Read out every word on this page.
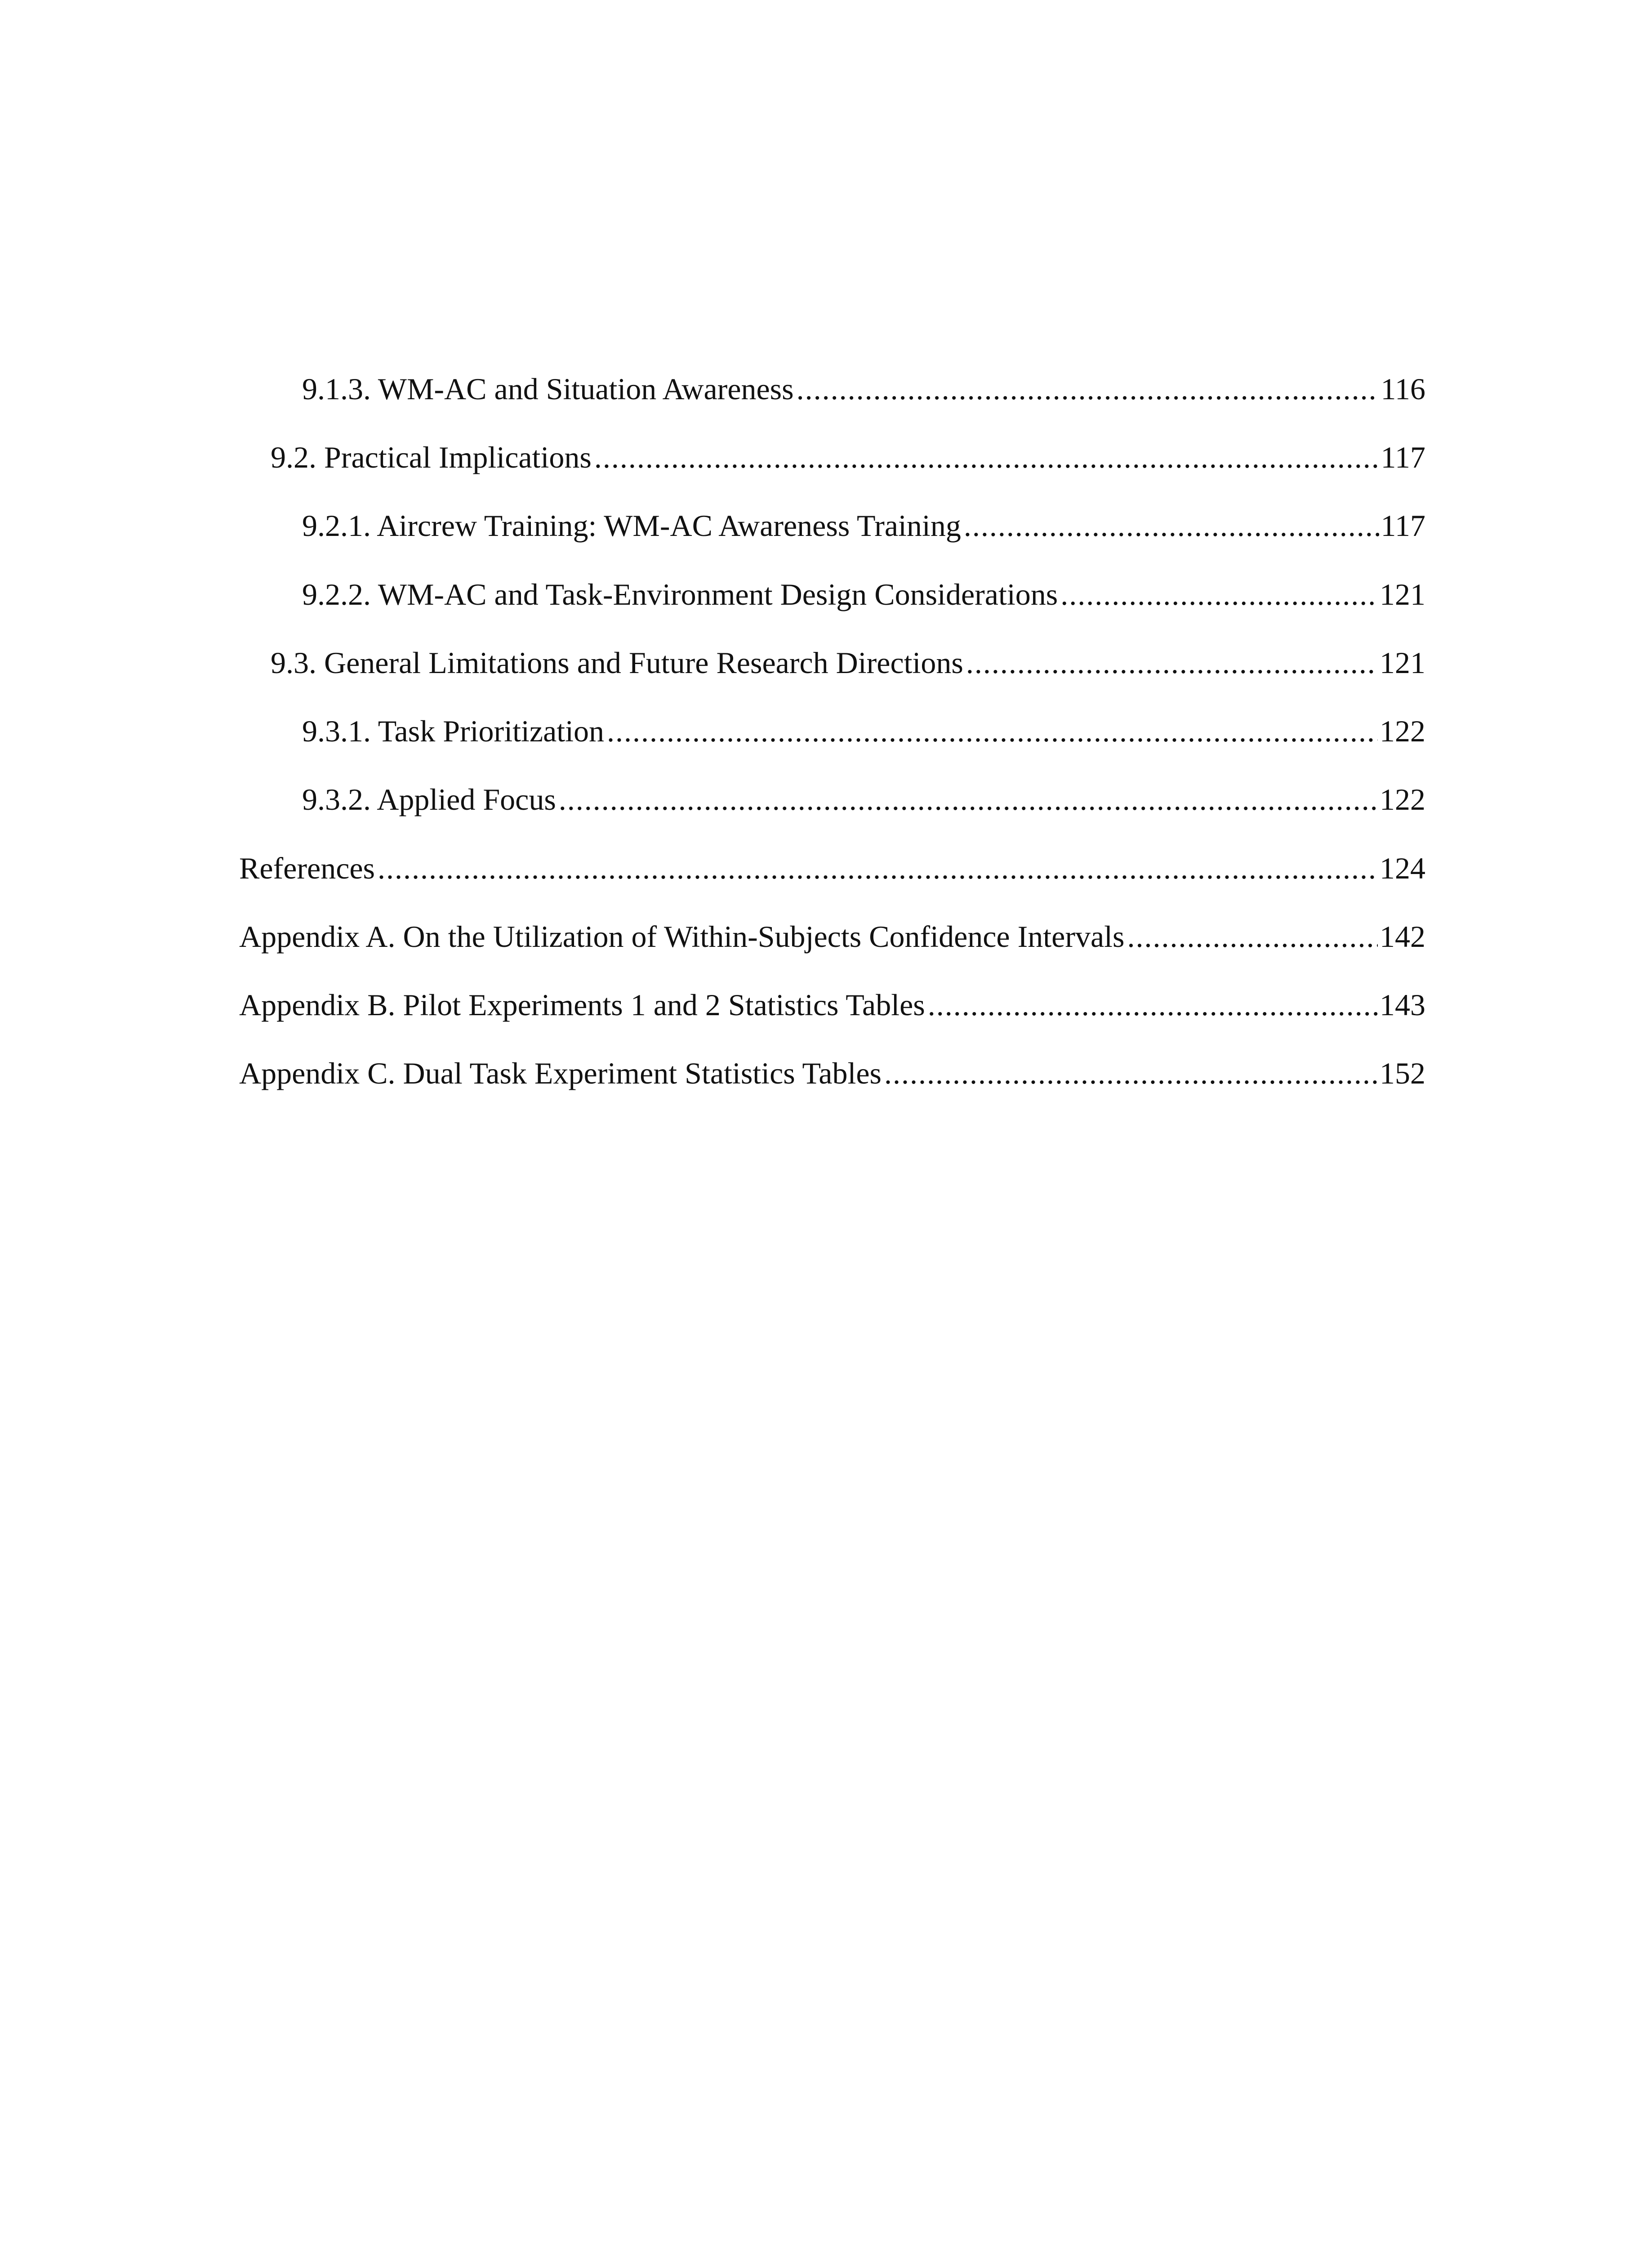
9.1.3. WM-AC and Situation Awareness .....	116
9.2. Practical Implications .....	117
9.2.1. Aircrew Training: WM-AC Awareness Training .....	117
9.2.2. WM-AC and Task-Environment Design Considerations .....	121
9.3. General Limitations and Future Research Directions .....	121
9.3.1. Task Prioritization .....	122
9.3.2. Applied Focus .....	122
References .....	124
Appendix A. On the Utilization of Within-Subjects Confidence Intervals .....	142
Appendix B. Pilot Experiments 1 and 2 Statistics Tables .....	143
Appendix C. Dual Task Experiment Statistics Tables .....	152
